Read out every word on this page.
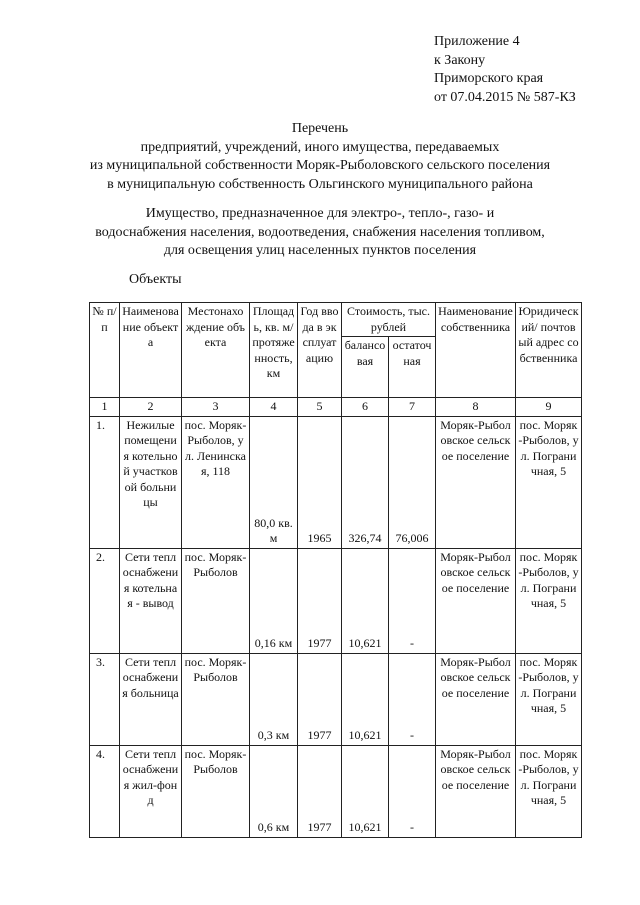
Приложение 4
к Закону
Приморского края
от 07.04.2015 № 587-КЗ
Перечень
предприятий, учреждений, иного имущества, передаваемых
из муниципальной собственности Моряк-Рыболовского сельского поселения
в муниципальную собственность Ольгинского муниципального района
Имущество, предназначенное для электро-, тепло-, газо- и
водоснабжения населения, водоотведения, снабжения населения топливом,
для освещения улиц населенных пунктов поселения
Объекты
№ п/п	Наименование объекта	Местонахождение объекта	Площадь, кв. м/ протяженность, км	Год ввода в эксплуатацию	Стоимость, тыс. рублей		Наименование собственника	Юридический/ почтовый адрес собственника
					балансовая	остаточная		
1	2	3	4	5	6	7	8	9
1.	Нежилые помещения котельной участковой больницы	пос. Моряк-Рыболов, ул. Ленинская, 118	80,0 кв. м	1965	326,74	76,006	Моряк-Рыболовское сельское поселение	пос. Моряк-Рыболов, ул. Пограничная, 5
2.	Сети теплоснабжения котельная - вывод	пос. Моряк-Рыболов	0,16 км	1977	10,621	-	Моряк-Рыболовское сельское поселение	пос. Моряк-Рыболов, ул. Пограничная, 5
3.	Сети теплоснабжения больница	пос. Моряк-Рыболов	0,3 км	1977	10,621	-	Моряк-Рыболовское сельское поселение	пос. Моряк-Рыболов, ул. Пограничная, 5
4.	Сети теплоснабжения жил-фонд	пос. Моряк-Рыболов	0,6 км	1977	10,621	-	Моряк-Рыболовское сельское поселение	пос. Моряк-Рыболов, ул. Пограничная, 5
